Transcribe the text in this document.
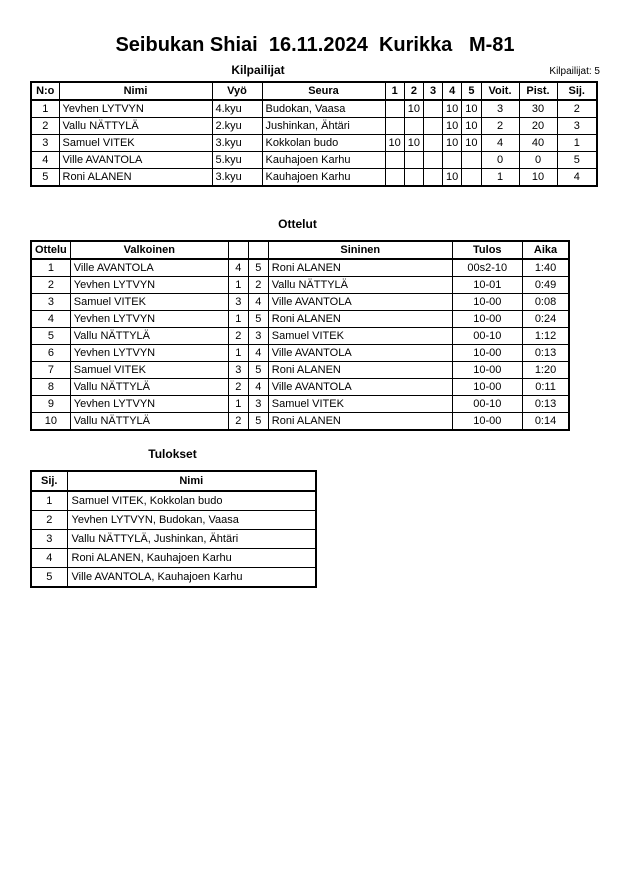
Seibukan Shiai  16.11.2024  Kurikka   M-81
Kilpailijat	Kilpailijat: 5
N:o	Nimi	Vyö	Seura	1	2	3	4	5	Voit.	Pist.	Sij.
1	Yevhen LYTVYN	4.kyu	Budokan, Vaasa		10		10	10	3	30	2
2	Vallu NÄTTYLÄ	2.kyu	Jushinkan, Ähtäri				10	10	2	20	3
3	Samuel VITEK	3.kyu	Kokkolan budo	10	10		10	10	4	40	1
4	Ville AVANTOLA	5.kyu	Kauhajoen Karhu						0	0	5
5	Roni ALANEN	3.kyu	Kauhajoen Karhu				10		1	10	4
Ottelut
Ottelu	Valkoinen			Sininen	Tulos	Aika
1	Ville AVANTOLA	4	5	Roni ALANEN	00s2-10	1:40
2	Yevhen LYTVYN	1	2	Vallu NÄTTYLÄ	10-01	0:49
3	Samuel VITEK	3	4	Ville AVANTOLA	10-00	0:08
4	Yevhen LYTVYN	1	5	Roni ALANEN	10-00	0:24
5	Vallu NÄTTYLÄ	2	3	Samuel VITEK	00-10	1:12
6	Yevhen LYTVYN	1	4	Ville AVANTOLA	10-00	0:13
7	Samuel VITEK	3	5	Roni ALANEN	10-00	1:20
8	Vallu NÄTTYLÄ	2	4	Ville AVANTOLA	10-00	0:11
9	Yevhen LYTVYN	1	3	Samuel VITEK	00-10	0:13
10	Vallu NÄTTYLÄ	2	5	Roni ALANEN	10-00	0:14
Tulokset
Sij.	Nimi
1	Samuel VITEK, Kokkolan budo
2	Yevhen LYTVYN, Budokan, Vaasa
3	Vallu NÄTTYLÄ, Jushinkan, Ähtäri
4	Roni ALANEN, Kauhajoen Karhu
5	Ville AVANTOLA, Kauhajoen Karhu
